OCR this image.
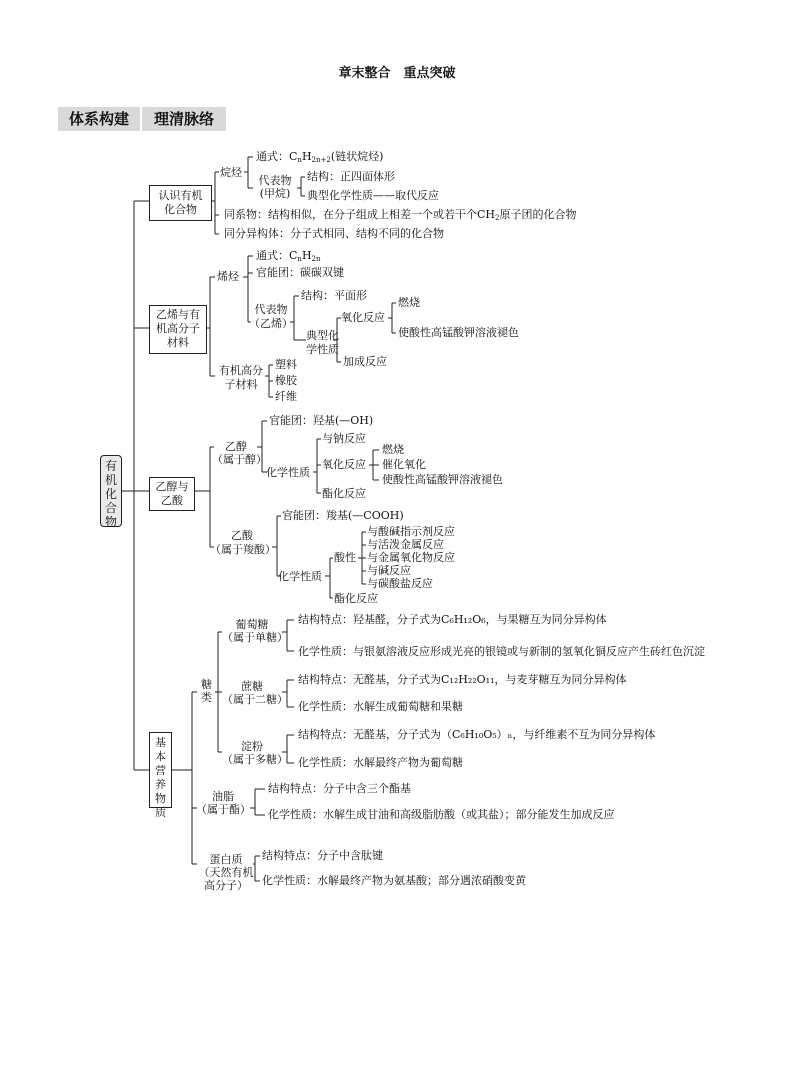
章末整合　重点突破
体系构建	理清脉络
有机化合物
认识有机
化合物
烷烃
通式：$C_nH_{2n+2}$(链状烷烃)
代表物
(甲烷)
结构：正四面体形
典型化学性质——取代反应
同系物：结构相似，在分子组成上相差一个或若干个$CH_2$原子团的化合物
同分异构体：分子式相同、结构不同的化合物
乙烯与有
机高分子
材料
烯烃
通式：$C_nH_{2n}$
官能团：碳碳双键
代表物
（乙烯）
结构：平面形
典型化
学性质
氧化反应
燃烧
使酸性高锰酸钾溶液褪色
加成反应
有机高分
子材料
塑料
橡胶
纤维
乙醇与
乙酸
乙醇
（属于醇）
官能团：羟基(—OH)
化学性质
与钠反应
氧化反应
燃烧
催化氧化
使酸性高锰酸钾溶液褪色
酯化反应
乙酸
（属于羧酸）
官能团：羧基(—COOH)
化学性质
酸性
与酸碱指示剂反应
与活泼金属反应
与金属氧化物反应
与碱反应
与碳酸盐反应
酯化反应
基本营养物质
糖类
葡萄糖
（属于单糖）
结构特点：羟基醛，分子式为C₆H₁₂O₆，与果糖互为同分异构体
化学性质：与银氨溶液反应形成光亮的银镜或与新制的氢氧化铜反应产生砖红色沉淀
蔗糖
（属于二糖）
结构特点：无醛基，分子式为C₁₂H₂₂O₁₁，与麦芽糖互为同分异构体
化学性质：水解生成葡萄糖和果糖
淀粉
（属于多糖）
结构特点：无醛基，分子式为（C₆H₁₀O₅）ₙ，与纤维素不互为同分异构体
化学性质：水解最终产物为葡萄糖
油脂
（属于酯）
结构特点：分子中含三个酯基
化学性质：水解生成甘油和高级脂肪酸（或其盐）；部分能发生加成反应
蛋白质
（天然有机
高分子）
结构特点：分子中含肽键
化学性质：水解最终产物为氨基酸；部分遇浓硝酸变黄
